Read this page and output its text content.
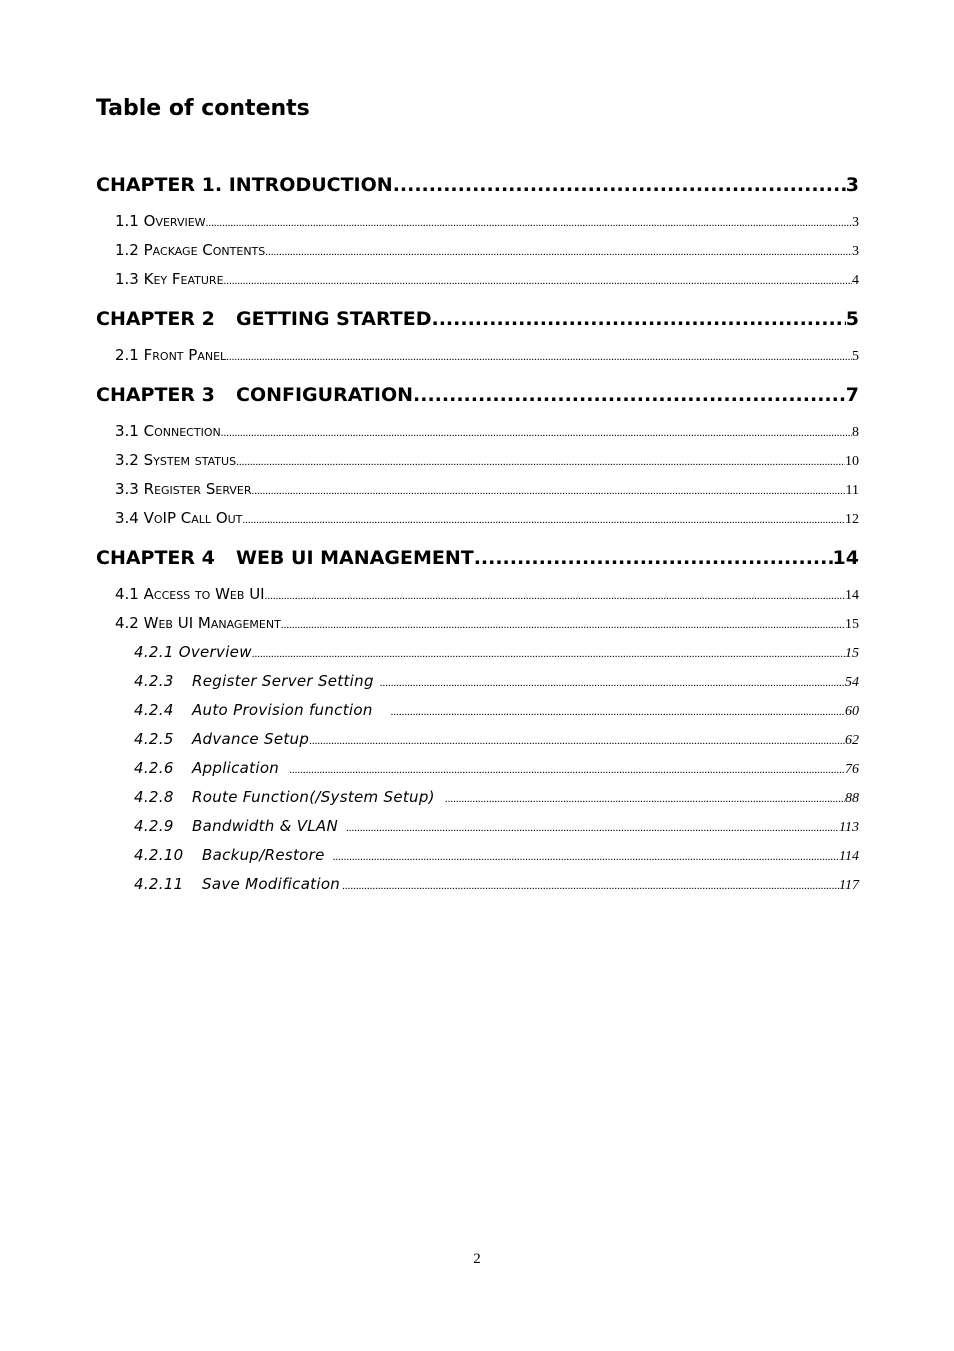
Table of contents
CHAPTER 1. INTRODUCTION .....	3
1.1 Overview .....	3
1.2 Package Contents .....	3
1.3 Key Feature .....	4
CHAPTER 2 GETTING STARTED .....	5
2.1 Front Panel .....	5
CHAPTER 3 CONFIGURATION .....	7
3.1 Connection .....	8
3.2 System status .....	10
3.3 Register Server .....	11
3.4 VoIP Call Out .....	12
CHAPTER 4 WEB UI MANAGEMENT .....	14
4.1 Access to Web UI .....	14
4.2 Web UI Management .....	15
4.2.1 Overview .....	15
4.2.3 Register Server Setting .....	54
4.2.4 Auto Provision function .....	60
4.2.5 Advance Setup .....	62
4.2.6 Application .....	76
4.2.8 Route Function(/System Setup) .....	88
4.2.9 Bandwidth & VLAN .....	113
4.2.10 Backup/Restore .....	114
4.2.11 Save Modification .....	117
2
